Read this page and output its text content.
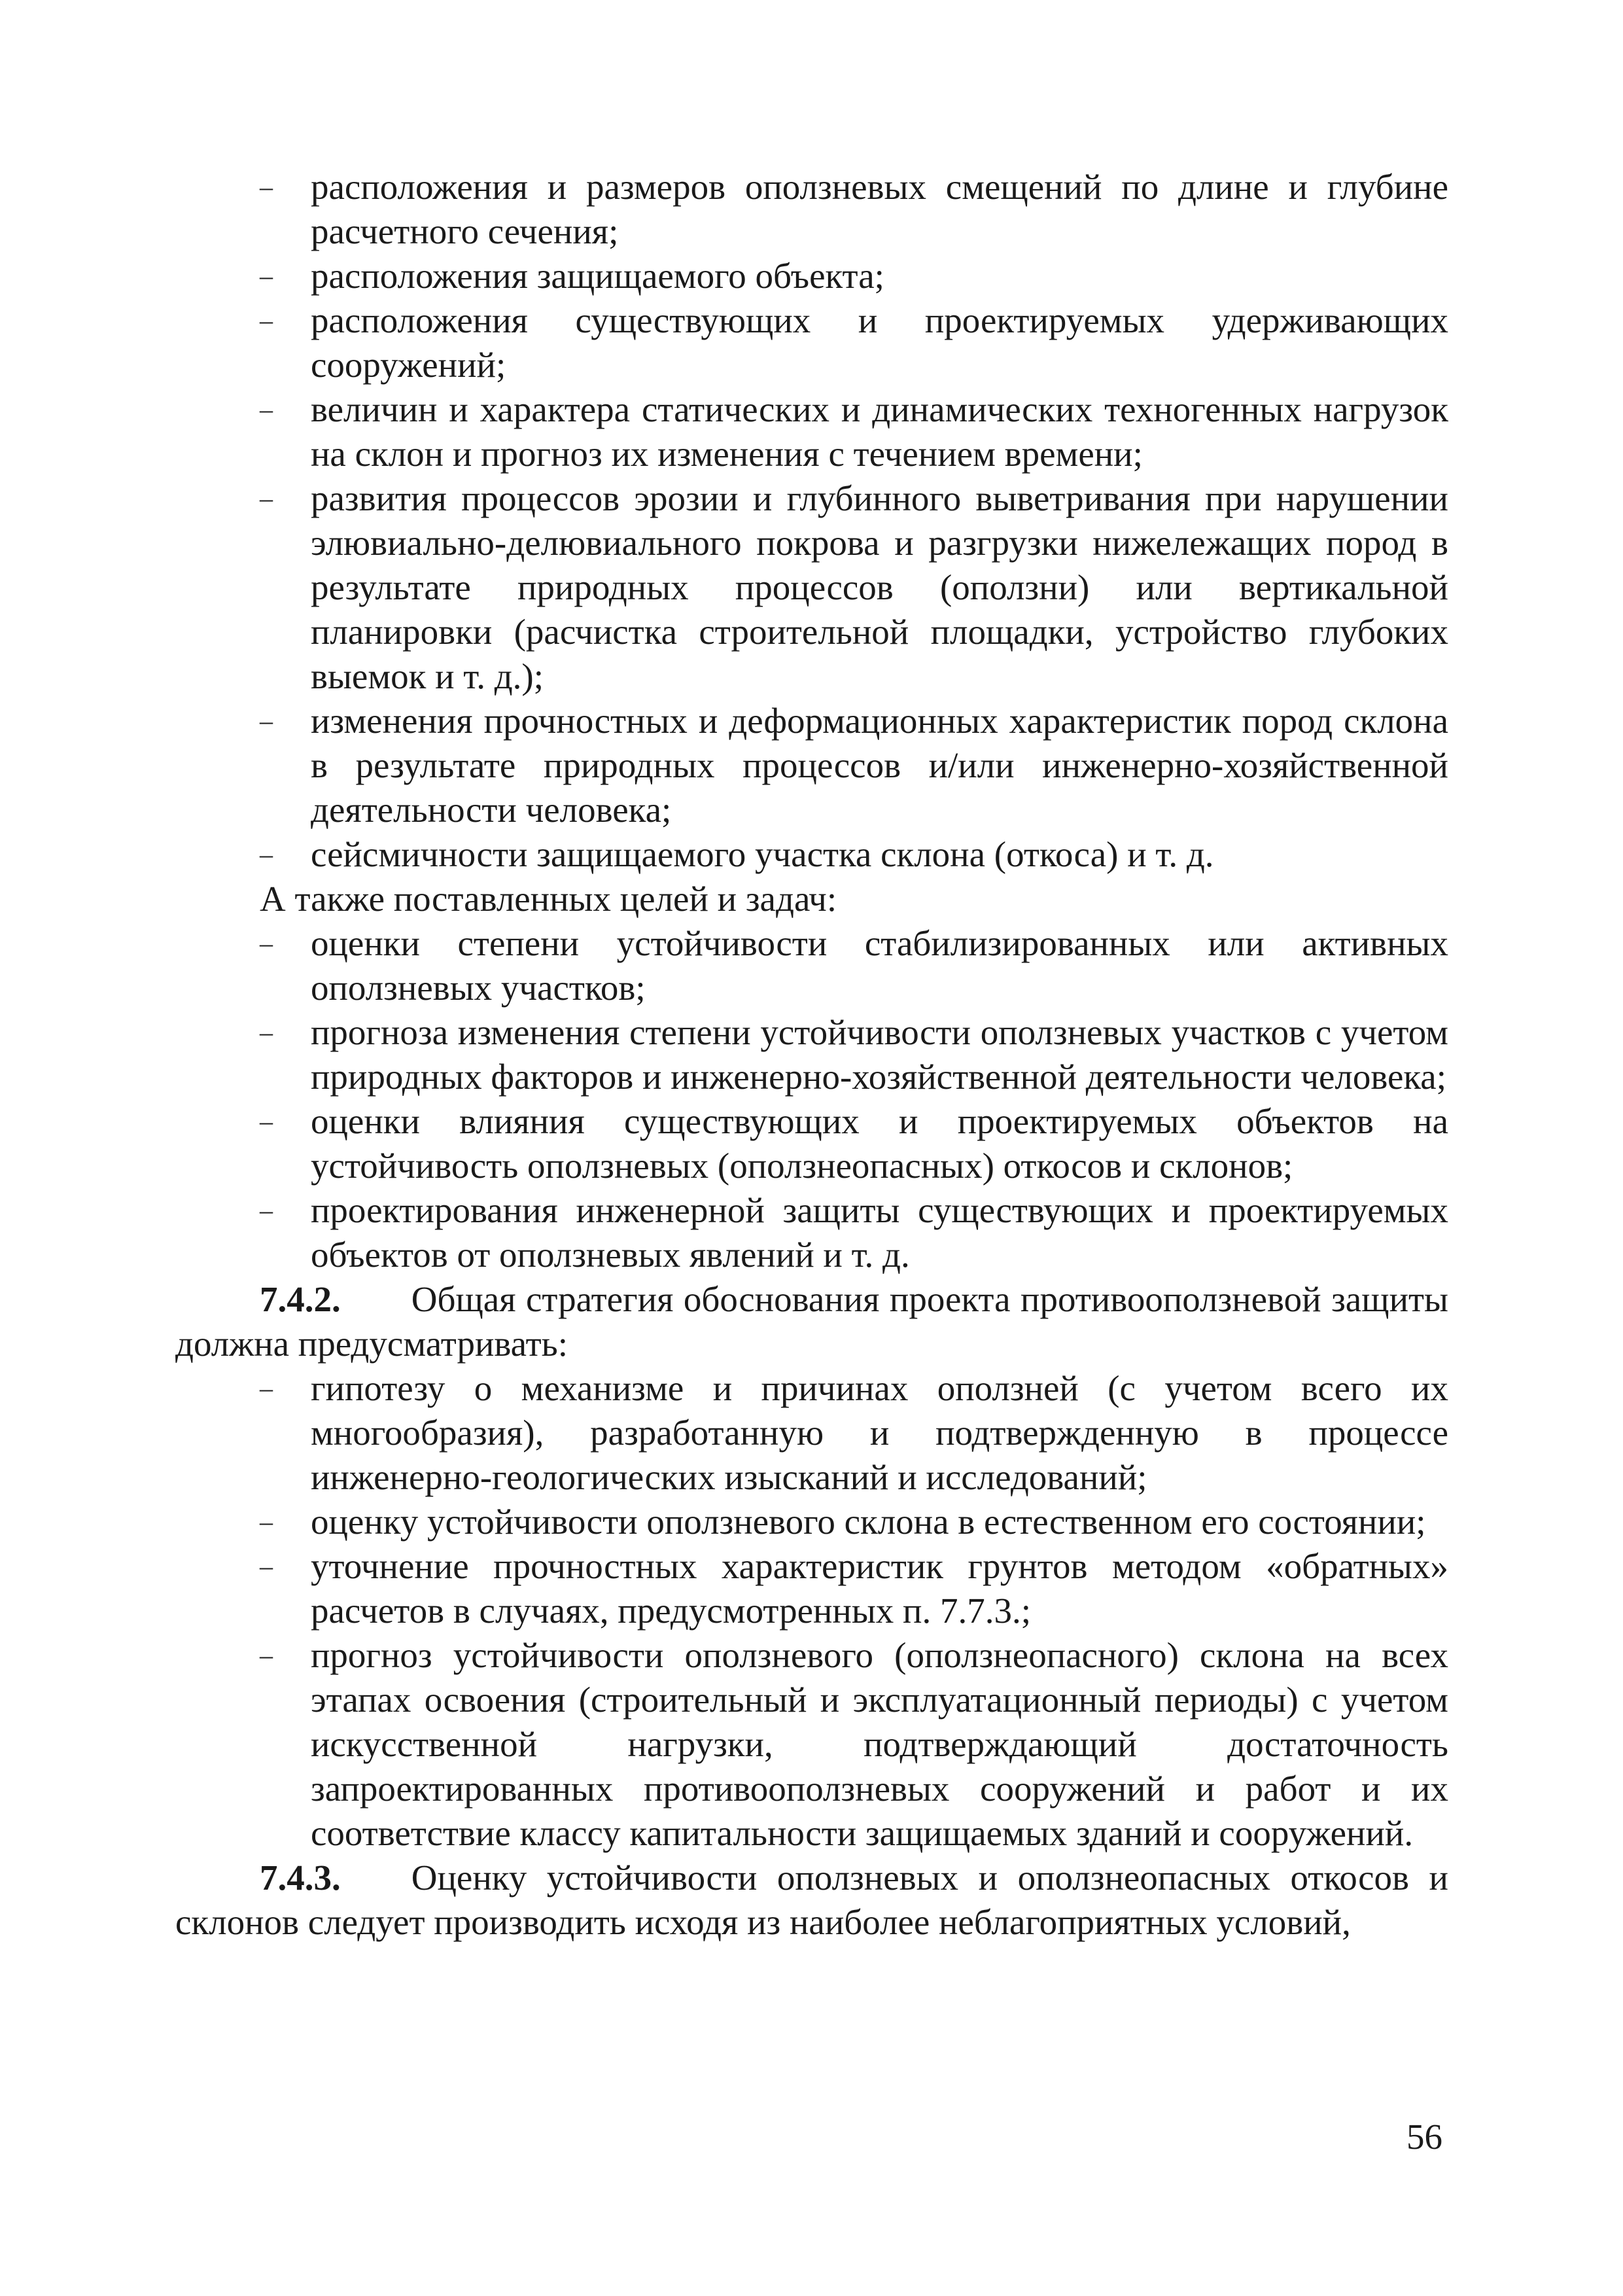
– расположения и размеров оползневых смещений по длине и глубине расчетного сечения;
– расположения защищаемого объекта;
– расположения существующих и проектируемых удерживающих сооружений;
– величин и характера статических и динамических техногенных нагрузок на склон и прогноз их изменения с течением времени;
– развития процессов эрозии и глубинного выветривания при нарушении элювиально-делювиального покрова и разгрузки нижележащих пород в результате природных процессов (оползни) или вертикальной планировки (расчистка строительной площадки, устройство глубоких выемок и т. д.);
– изменения прочностных и деформационных характеристик пород склона в результате природных процессов и/или инженерно-хозяйственной деятельности человека;
– сейсмичности защищаемого участка склона (откоса) и т. д.

А также поставленных целей и задач:

– оценки степени устойчивости стабилизированных или активных оползневых участков;
– прогноза изменения степени устойчивости оползневых участков с учетом природных факторов и инженерно-хозяйственной деятельности человека;
– оценки влияния существующих и проектируемых объектов на устойчивость оползневых (оползнеопасных) откосов и склонов;
– проектирования инженерной защиты существующих и проектируемых объектов от оползневых явлений и т. д.

7.4.2. Общая стратегия обоснования проекта противооползневой защиты должна предусматривать:

– гипотезу о механизме и причинах оползней (с учетом всего их многообразия), разработанную и подтвержденную в процессе инженерно-геологических изысканий и исследований;
– оценку устойчивости оползневого склона в естественном его состоянии;
– уточнение прочностных характеристик грунтов методом «обратных» расчетов в случаях, предусмотренных п. 7.7.3.;
– прогноз устойчивости оползневого (оползнеопасного) склона на всех этапах освоения (строительный и эксплуатационный периоды) с учетом искусственной нагрузки, подтверждающий достаточность запроектированных противооползневых сооружений и работ и их соответствие классу капитальности защищаемых зданий и сооружений.

7.4.3. Оценку устойчивости оползневых и оползнеопасных откосов и склонов следует производить исходя из наиболее неблагоприятных условий,

56
